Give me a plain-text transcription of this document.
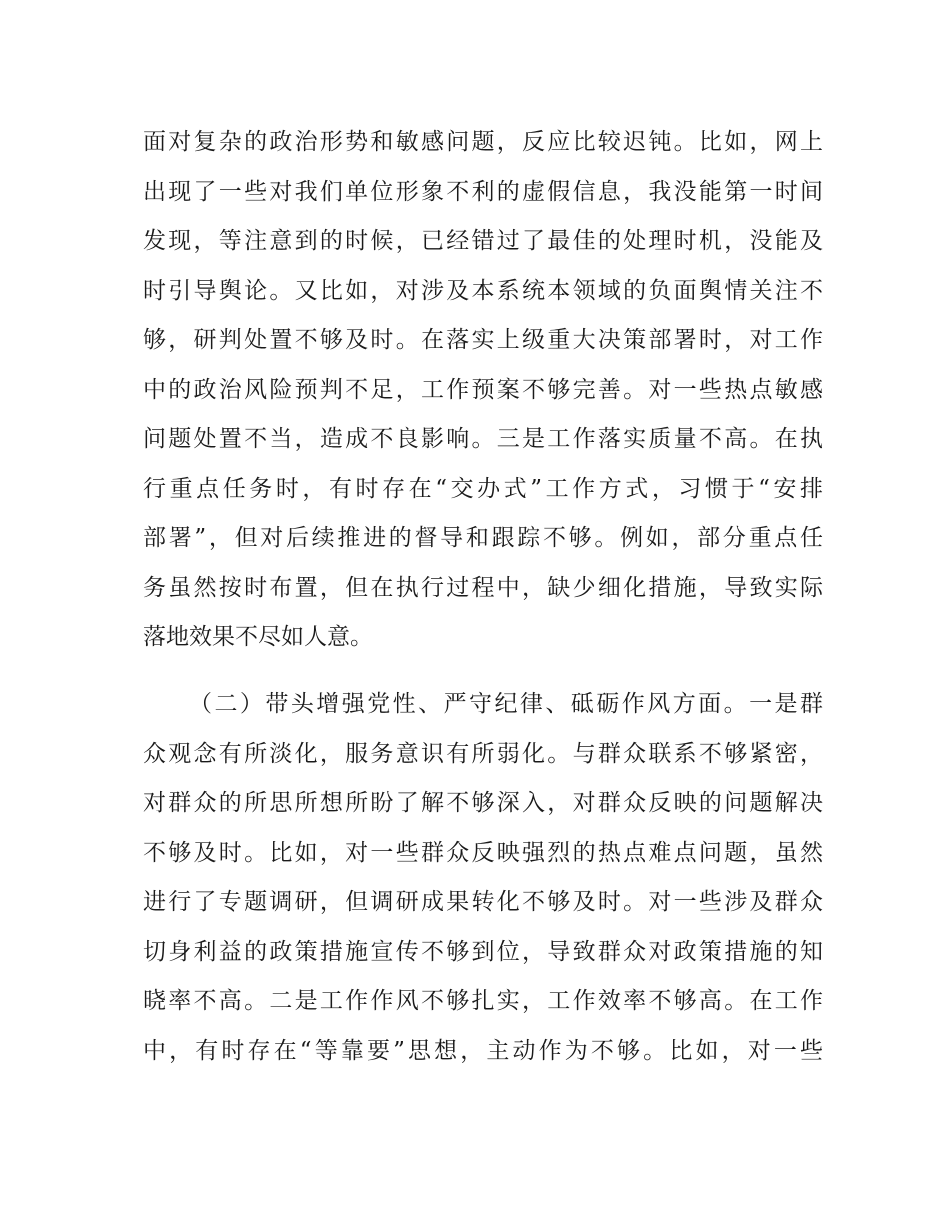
面对复杂的政治形势和敏感问题，反应比较迟钝。比如，网上
出现了一些对我们单位形象不利的虚假信息，我没能第一时间
发现，等注意到的时候，已经错过了最佳的处理时机，没能及
时引导舆论。又比如，对涉及本系统本领域的负面舆情关注不
够，研判处置不够及时。在落实上级重大决策部署时，对工作
中的政治风险预判不足，工作预案不够完善。对一些热点敏感
问题处置不当，造成不良影响。三是工作落实质量不高。在执
行重点任务时，有时存在“交办式”工作方式，习惯于“安排
部署”，但对后续推进的督导和跟踪不够。例如，部分重点任
务虽然按时布置，但在执行过程中，缺少细化措施，导致实际
落地效果不尽如人意。
（二）带头增强党性、严守纪律、砥砺作风方面。一是群
众观念有所淡化，服务意识有所弱化。与群众联系不够紧密，
对群众的所思所想所盼了解不够深入，对群众反映的问题解决
不够及时。比如，对一些群众反映强烈的热点难点问题，虽然
进行了专题调研，但调研成果转化不够及时。对一些涉及群众
切身利益的政策措施宣传不够到位，导致群众对政策措施的知
晓率不高。二是工作作风不够扎实，工作效率不够高。在工作
中，有时存在“等靠要”思想，主动作为不够。比如，对一些
